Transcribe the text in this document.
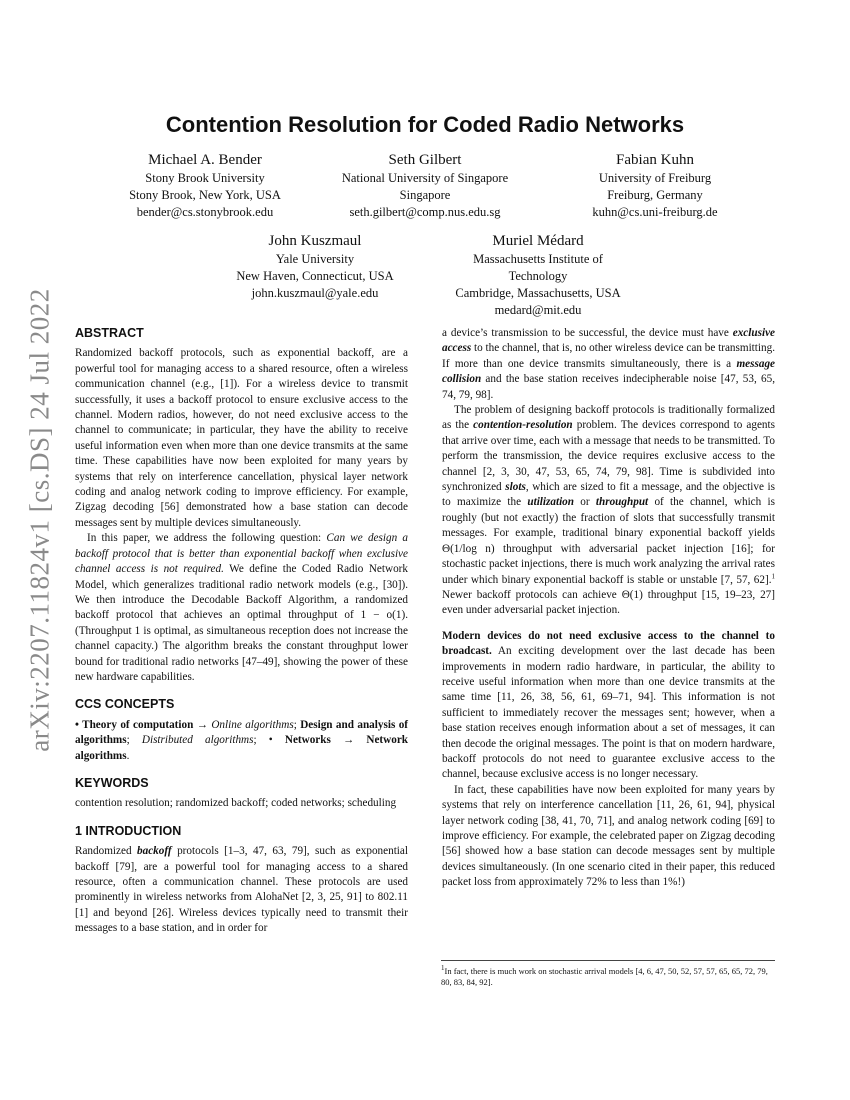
arXiv:2207.11824v1 [cs.DS] 24 Jul 2022
Contention Resolution for Coded Radio Networks
Michael A. Bender
Stony Brook University
Stony Brook, New York, USA
bender@cs.stonybrook.edu
Seth Gilbert
National University of Singapore
Singapore
seth.gilbert@comp.nus.edu.sg
Fabian Kuhn
University of Freiburg
Freiburg, Germany
kuhn@cs.uni-freiburg.de
John Kuszmaul
Yale University
New Haven, Connecticut, USA
john.kuszmaul@yale.edu
Muriel Médard
Massachusetts Institute of
Technology
Cambridge, Massachusetts, USA
medard@mit.edu
ABSTRACT

Randomized backoff protocols, such as exponential backoff, are a powerful tool for managing access to a shared resource, often a wireless communication channel (e.g., [1]). For a wireless device to transmit successfully, it uses a backoff protocol to ensure exclusive access to the channel. Modern radios, however, do not need exclusive access to the channel to communicate; in particular, they have the ability to receive useful information even when more than one device transmits at the same time. These capabilities have now been exploited for many years by systems that rely on interference cancellation, physical layer network coding and analog network coding to improve efficiency. For example, Zigzag decoding [56] demonstrated how a base station can decode messages sent by multiple devices simultaneously.

In this paper, we address the following question: Can we design a backoff protocol that is better than exponential backoff when exclusive channel access is not required. We define the Coded Radio Network Model, which generalizes traditional radio network models (e.g., [30]). We then introduce the Decodable Backoff Algorithm, a randomized backoff protocol that achieves an optimal throughput of 1 − o(1). (Throughput 1 is optimal, as simultaneous reception does not increase the channel capacity.) The algorithm breaks the constant throughput lower bound for traditional radio networks [47–49], showing the power of these new hardware capabilities.

CCS CONCEPTS

• Theory of computation → Online algorithms; Design and analysis of algorithms; Distributed algorithms; • Networks → Network algorithms.

KEYWORDS

contention resolution; randomized backoff; coded networks; scheduling

1 INTRODUCTION

Randomized backoff protocols [1–3, 47, 63, 79], such as exponential backoff [79], are a powerful tool for managing access to a shared resource, often a communication channel. These protocols are used prominently in wireless networks from AlohaNet [2, 3, 25, 91] to 802.11 [1] and beyond [26]. Wireless devices typically need to transmit their messages to a base station, and in order for

a device’s transmission to be successful, the device must have exclusive access to the channel, that is, no other wireless device can be transmitting. If more than one device transmits simultaneously, there is a message collision and the base station receives indecipherable noise [47, 53, 65, 74, 79, 98].

The problem of designing backoff protocols is traditionally formalized as the contention-resolution problem. The devices correspond to agents that arrive over time, each with a message that needs to be transmitted. To perform the transmission, the device requires exclusive access to the channel [2, 3, 30, 47, 53, 65, 74, 79, 98]. Time is subdivided into synchronized slots, which are sized to fit a message, and the objective is to maximize the utilization or throughput of the channel, which is roughly (but not exactly) the fraction of slots that successfully transmit messages. For example, traditional binary exponential backoff yields Θ(1/log n) throughput with adversarial packet injection [16]; for stochastic packet injections, there is much work analyzing the arrival rates under which binary exponential backoff is stable or unstable [7, 57, 62].$^1$ Newer backoff protocols can achieve Θ(1) throughput [15, 19–23, 27] even under adversarial packet injection.

Modern devices do not need exclusive access to the channel to broadcast. An exciting development over the last decade has been improvements in modern radio hardware, in particular, the ability to receive useful information when more than one device transmits at the same time [11, 26, 38, 56, 61, 69–71, 94]. This information is not sufficient to immediately recover the messages sent; however, when a base station receives enough information about a set of messages, it can then decode the original messages. The point is that on modern hardware, backoff protocols do not need to guarantee exclusive access to the channel, because exclusive access is no longer necessary.

In fact, these capabilities have now been exploited for many years by systems that rely on interference cancellation [11, 26, 61, 94], physical layer network coding [38, 41, 70, 71], and analog network coding [69] to improve efficiency. For example, the celebrated paper on Zigzag decoding [56] showed how a base station can decode messages sent by multiple devices simultaneously. (In one scenario cited in their paper, this reduced packet loss from approximately 72% to less than 1%!)

$^1$In fact, there is much work on stochastic arrival models [4, 6, 47, 50, 52, 57, 57, 65, 65, 72, 79, 80, 83, 84, 92].
